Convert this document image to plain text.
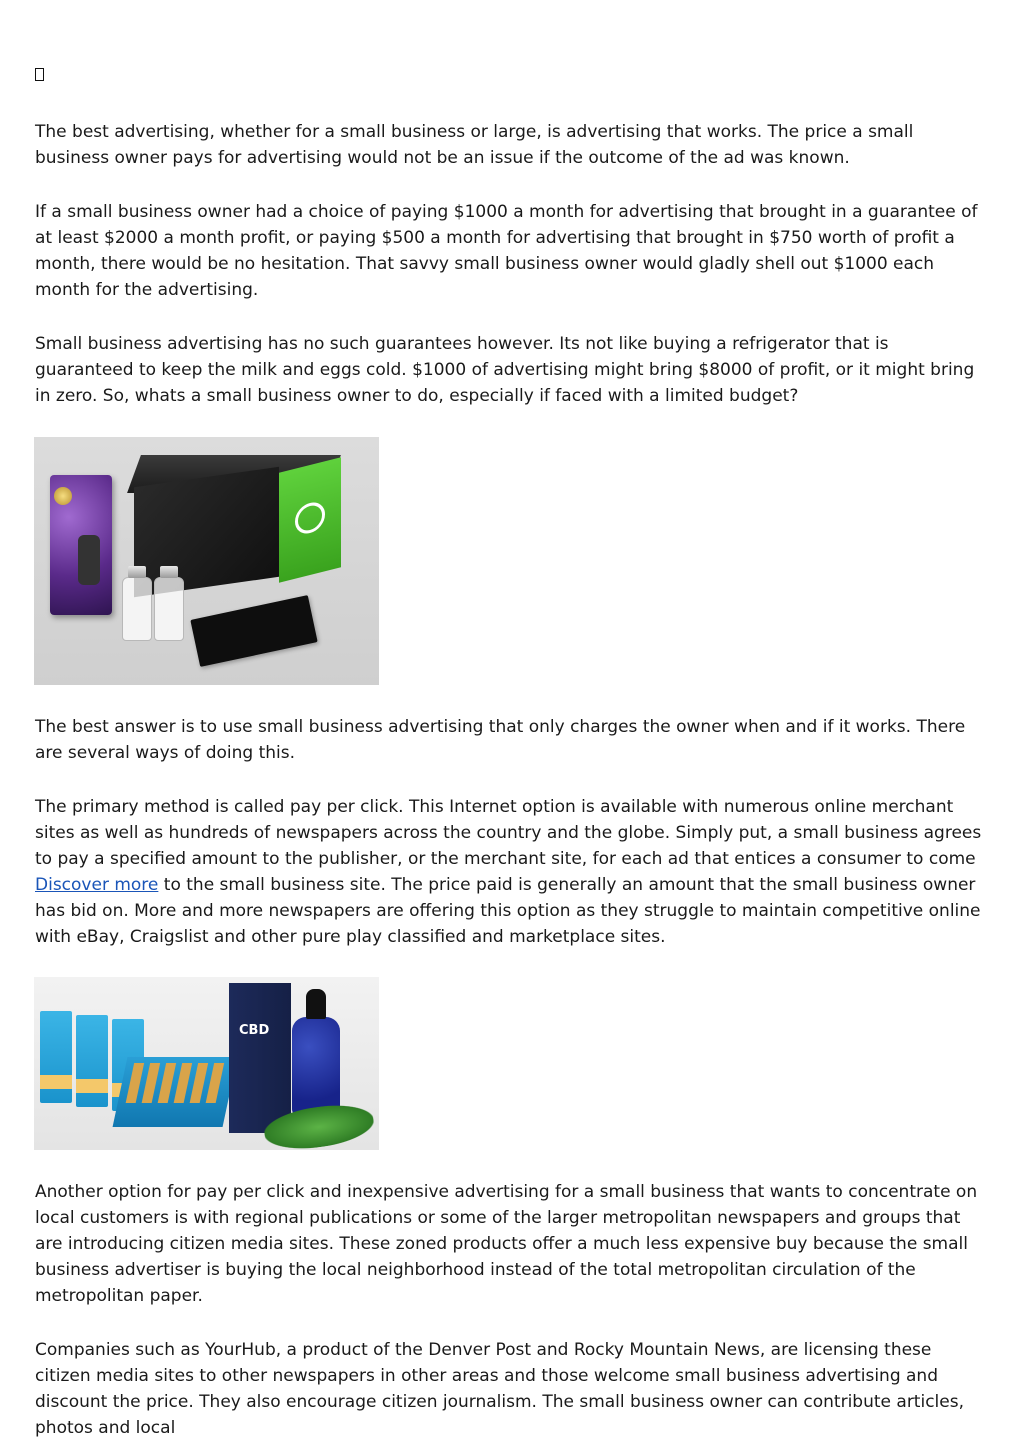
The best advertising, whether for a small business or large, is advertising that works. The price a small business owner pays for advertising would not be an issue if the outcome of the ad was known.

If a small business owner had a choice of paying $1000 a month for advertising that brought in a guarantee of at least $2000 a month profit, or paying $500 a month for advertising that brought in $750 worth of profit a month, there would be no hesitation. That savvy small business owner would gladly shell out $1000 each month for the advertising.

Small business advertising has no such guarantees however. Its not like buying a refrigerator that is guaranteed to keep the milk and eggs cold. $1000 of advertising might bring $8000 of profit, or it might bring in zero. So, whats a small business owner to do, especially if faced with a limited budget?

The best answer is to use small business advertising that only charges the owner when and if it works. There are several ways of doing this.

The primary method is called pay per click. This Internet option is available with numerous online merchant sites as well as hundreds of newspapers across the country and the globe. Simply put, a small business agrees to pay a specified amount to the publisher, or the merchant site, for each ad that entices a consumer to come Discover more to the small business site. The price paid is generally an amount that the small business owner has bid on. More and more newspapers are offering this option as they struggle to maintain competitive online with eBay, Craigslist and other pure play classified and marketplace sites.

CBD

Another option for pay per click and inexpensive advertising for a small business that wants to concentrate on local customers is with regional publications or some of the larger metropolitan newspapers and groups that are introducing citizen media sites. These zoned products offer a much less expensive buy because the small business advertiser is buying the local neighborhood instead of the total metropolitan circulation of the metropolitan paper.

Companies such as YourHub, a product of the Denver Post and Rocky Mountain News, are licensing these citizen media sites to other newspapers in other areas and those welcome small business advertising and discount the price. They also encourage citizen journalism. The small business owner can contribute articles, photos and local
